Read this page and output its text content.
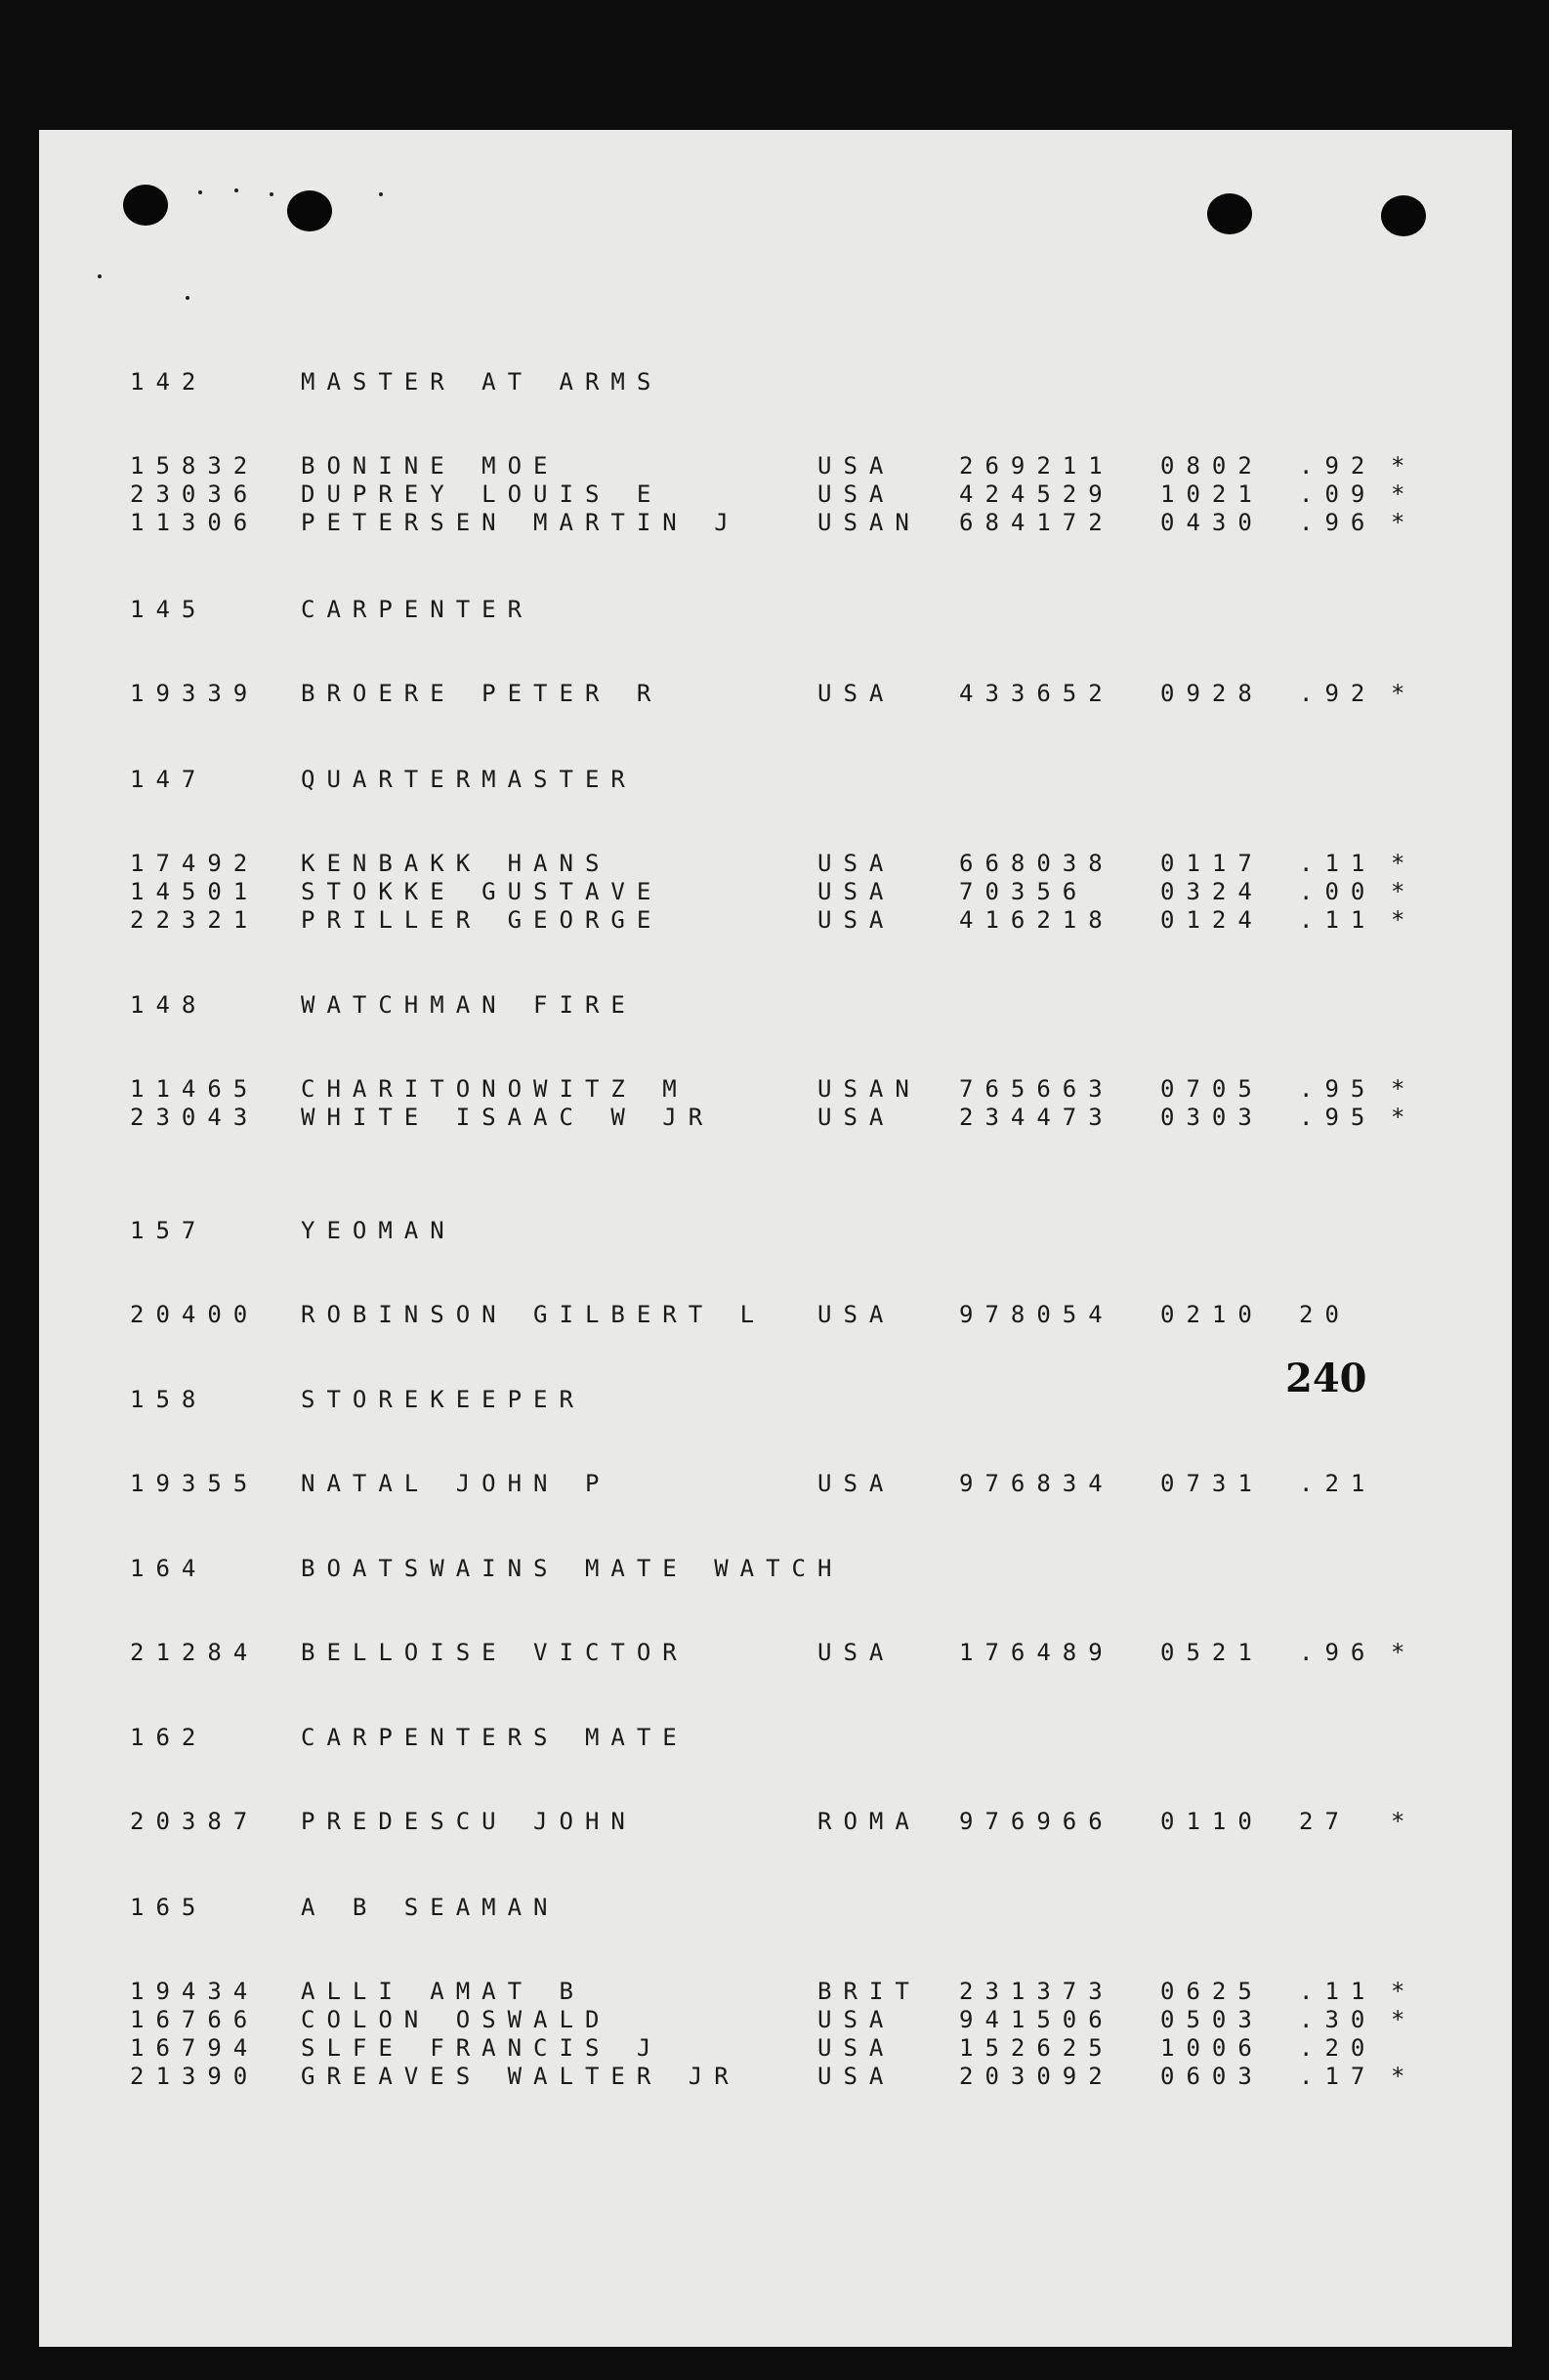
142	MASTER AT ARMS
15832 BONINE MOE	USA	269211 0802 .92 *
23036 DUPREY LOUIS E	USA	424529 1021 .09 *
11306 PETERSEN MARTIN J	USAN 684172 0430 .96 *
145	CARPENTER
19339 BROERE PETER R	USA	433652 0928 .92 *
147	QUARTERMASTER
17492 KENBAKK HANS	USA	668038 0117 .11 *
14501 STOKKE GUSTAVE	USA	70356	0324 .00 *
22321 PRILLER GEORGE	USA	416218 0124 .11 *
148	WATCHMAN FIRE
11465 CHARITONOWITZ M	USAN 765663 0705 .95 *
23043 WHITE ISAAC W JR	USA	234473 0303 .95 *
157	YEOMAN
20400 ROBINSON GILBERT L USA	978054 0210 20
158	STOREKEEPER
19355 NATAL JOHN P	USA	976834 0731 .21
164	BOATSWAINS MATE WATCH
21284 BELLOISE VICTOR	USA	176489 0521 .96 *
162	CARPENTERS MATE
20387 PREDESCU JOHN	ROMA 976966 0110 27 *
165	A B SEAMAN
19434 ALLI AMAT B	BRIT 231373 0625 .11 *
16766 COLON OSWALD	USA	941506 0503 .30 *
16794 SLFE FRANCIS J	USA	152625 1006 .20
21390 GREAVES WALTER JR	USA	203092 0603 .17 *
240
